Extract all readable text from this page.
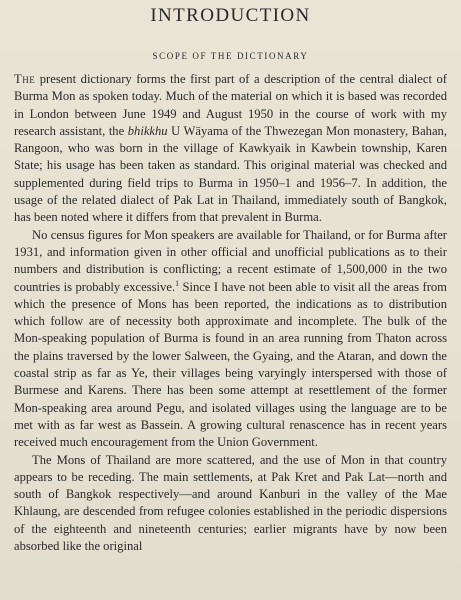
INTRODUCTION
SCOPE OF THE DICTIONARY

The present dictionary forms the first part of a description of the central dialect of Burma Mon as spoken today. Much of the material on which it is based was recorded in London between June 1949 and August 1950 in the course of work with my research assistant, the bhikkhu U Wāyama of the Thwezegan Mon monastery, Bahan, Rangoon, who was born in the village of Kawkyaik in Kawbein township, Karen State; his usage has been taken as standard. This original material was checked and supplemented during field trips to Burma in 1950–1 and 1956–7. In addition, the usage of the related dialect of Pak Lat in Thailand, immediately south of Bangkok, has been noted where it differs from that prevalent in Burma.

No census figures for Mon speakers are available for Thailand, or for Burma after 1931, and information given in other official and unofficial publications as to their numbers and distribution is conflicting; a recent estimate of 1,500,000 in the two countries is probably excessive.$^1$ Since I have not been able to visit all the areas from which the presence of Mons has been reported, the indications as to distribution which follow are of necessity both approximate and incomplete. The bulk of the Mon-speaking population of Burma is found in an area running from Thaton across the plains traversed by the lower Salween, the Gyaing, and the Ataran, and down the coastal strip as far as Ye, their villages being varyingly interspersed with those of Burmese and Karens. There has been some attempt at resettlement of the former Mon-speaking area around Pegu, and isolated villages using the language are to be met with as far west as Bassein. A growing cultural renascence has in recent years received much encouragement from the Union Government.

The Mons of Thailand are more scattered, and the use of Mon in that country appears to be receding. The main settlements, at Pak Kret and Pak Lat—north and south of Bangkok respectively—and around Kanburi in the valley of the Mae Khlaung, are descended from refugee colonies established in the periodic dispersions of the eighteenth and nineteenth centuries; earlier migrants have by now been absorbed like the original
